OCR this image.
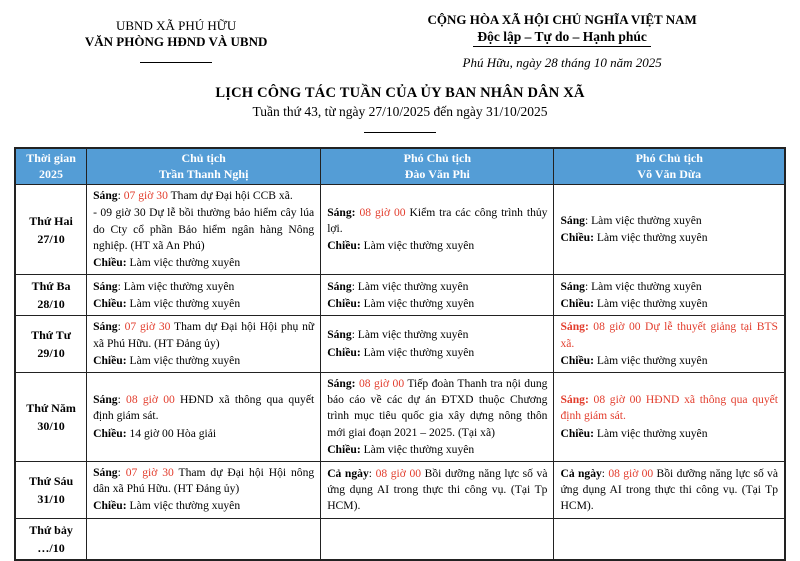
UBND XÃ PHÚ HỮU
VĂN PHÒNG HĐND VÀ UBND
CỘNG HÒA XÃ HỘI CHỦ NGHĨA VIỆT NAM
Độc lập – Tự do – Hạnh phúc
Phú Hữu, ngày 28 tháng 10 năm 2025
LỊCH CÔNG TÁC TUẦN CỦA ỦY BAN NHÂN DÂN XÃ
Tuần thứ 43, từ ngày 27/10/2025 đến ngày 31/10/2025
Thời gian
2025

Chủ tịch
Trần Thanh Nghị

Phó Chủ tịch
Đào Văn Phi

Phó Chủ tịch
Võ Văn Dừa

Thứ Hai
27/10

Sáng: 07 giờ 30 Tham dự Đại hội CCB xã.
- 09 giờ 30 Dự lễ bồi thường bảo hiểm cây lúa do Cty cổ phần Bảo hiểm ngân hàng Nông nghiệp. (HT xã An Phú)
Chiều: Làm việc thường xuyên

Sáng: 08 giờ 00 Kiểm tra các công trình thủy lợi.
Chiều: Làm việc thường xuyên

Sáng: Làm việc thường xuyên
Chiều: Làm việc thường xuyên

Thứ Ba
28/10

Sáng: Làm việc thường xuyên
Chiều: Làm việc thường xuyên

Sáng: Làm việc thường xuyên
Chiều: Làm việc thường xuyên

Sáng: Làm việc thường xuyên
Chiều: Làm việc thường xuyên

Thứ Tư
29/10

Sáng: 07 giờ 30 Tham dự Đại hội Hội phụ nữ xã Phú Hữu. (HT Đảng ủy)
Chiều: Làm việc thường xuyên

Sáng: Làm việc thường xuyên
Chiều: Làm việc thường xuyên

Sáng: 08 giờ 00 Dự lễ thuyết giảng tại BTS xã.
Chiều: Làm việc thường xuyên

Thứ Năm
30/10

Sáng: 08 giờ 00 HĐND xã thông qua quyết định giám sát.
Chiều: 14 giờ 00 Hòa giải

Sáng: 08 giờ 00 Tiếp đoàn Thanh tra nội dung báo cáo về các dự án ĐTXD thuộc Chương trình mục tiêu quốc gia xây dựng nông thôn mới giai đoạn 2021 – 2025. (Tại xã)
Chiều: Làm việc thường xuyên

Sáng: 08 giờ 00 HĐND xã thông qua quyết định giám sát.
Chiều: Làm việc thường xuyên

Thứ Sáu
31/10

Sáng: 07 giờ 30 Tham dự Đại hội Hội nông dân xã Phú Hữu. (HT Đảng ủy)
Chiều: Làm việc thường xuyên

Cả ngày: 08 giờ 00 Bồi dưỡng năng lực số và ứng dụng AI trong thực thi công vụ. (Tại Tp HCM).

Cả ngày: 08 giờ 00 Bồi dưỡng năng lực số và ứng dụng AI trong thực thi công vụ. (Tại Tp HCM).

Thứ bảy
…/10			
